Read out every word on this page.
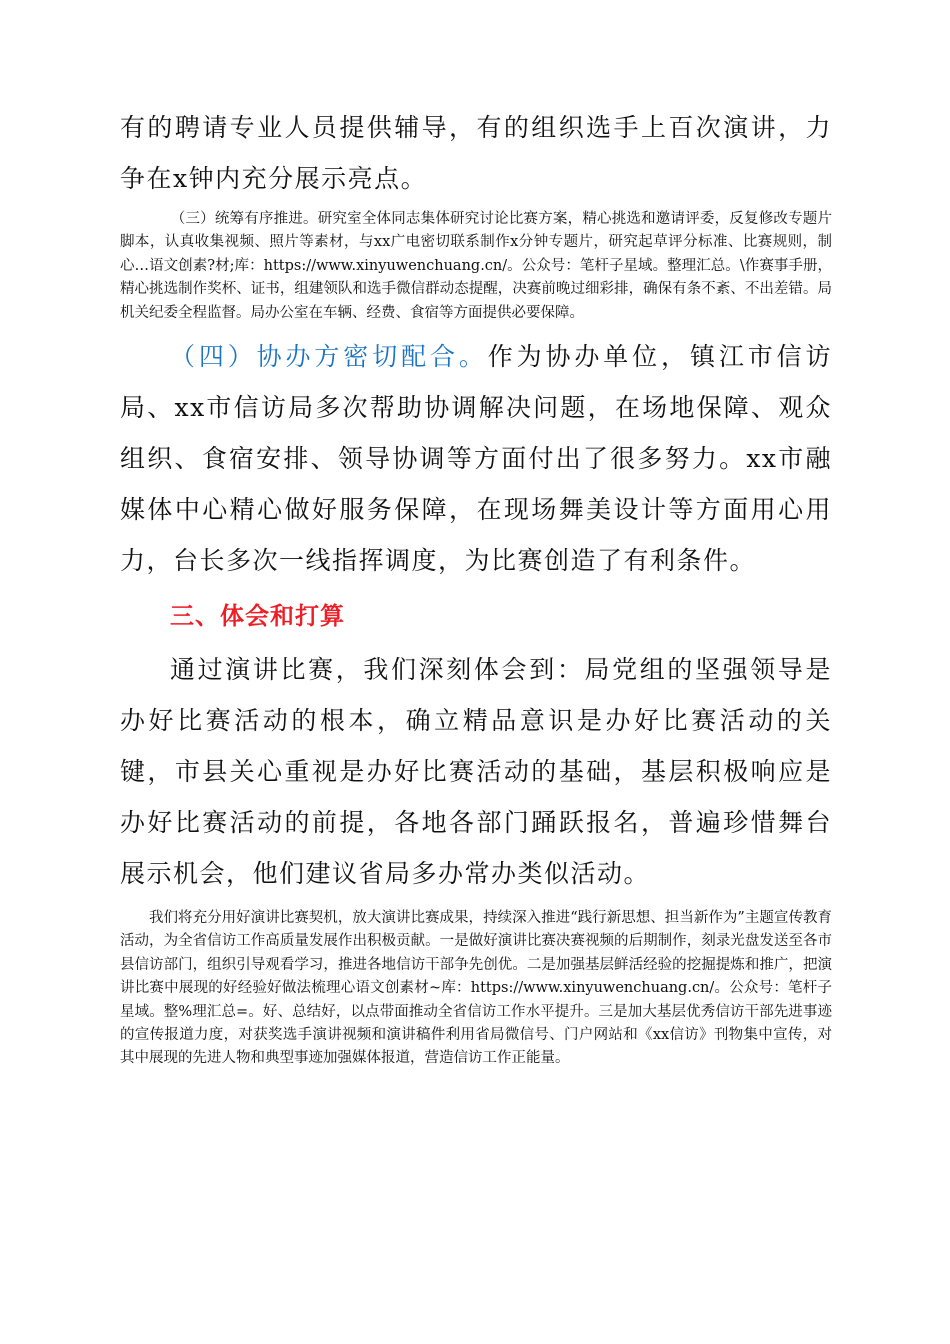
有的聘请专业人员提供辅导，有的组织选手上百次演讲，力争在x钟内充分展示亮点。

（三）统筹有序推进。研究室全体同志集体研究讨论比赛方案，精心挑选和邀请评委，反复修改专题片脚本，认真收集视频、照片等素材，与xx广电密切联系制作x分钟专题片，研究起草评分标准、比赛规则，制心…语文创素?材;库：https://www.xinyuwenchuang.cn/。公众号：笔杆子星域。整理汇总。\作赛事手册，精心挑选制作奖杯、证书，组建领队和选手微信群动态提醒，决赛前晚过细彩排，确保有条不紊、不出差错。局机关纪委全程监督。局办公室在车辆、经费、食宿等方面提供必要保障。

（四）协办方密切配合。作为协办单位，镇江市信访局、xx市信访局多次帮助协调解决问题，在场地保障、观众组织、食宿安排、领导协调等方面付出了很多努力。xx市融媒体中心精心做好服务保障，在现场舞美设计等方面用心用力，台长多次一线指挥调度，为比赛创造了有利条件。

三、体会和打算

通过演讲比赛，我们深刻体会到：局党组的坚强领导是办好比赛活动的根本，确立精品意识是办好比赛活动的关键，市县关心重视是办好比赛活动的基础，基层积极响应是办好比赛活动的前提，各地各部门踊跃报名，普遍珍惜舞台展示机会，他们建议省局多办常办类似活动。

我们将充分用好演讲比赛契机，放大演讲比赛成果，持续深入推进“践行新思想、担当新作为”主题宣传教育活动，为全省信访工作高质量发展作出积极贡献。一是做好演讲比赛决赛视频的后期制作，刻录光盘发送至各市县信访部门，组织引导观看学习，推进各地信访干部争先创优。二是加强基层鲜活经验的挖掘提炼和推广，把演讲比赛中展现的好经验好做法梳理心语文创素材~库：https://www.xinyuwenchuang.cn/。公众号：笔杆子星域。整%理汇总=。好、总结好，以点带面推动全省信访工作水平提升。三是加大基层优秀信访干部先进事迹的宣传报道力度，对获奖选手演讲视频和演讲稿件利用省局微信号、门户网站和《xx信访》刊物集中宣传，对其中展现的先进人物和典型事迹加强媒体报道，营造信访工作正能量。
